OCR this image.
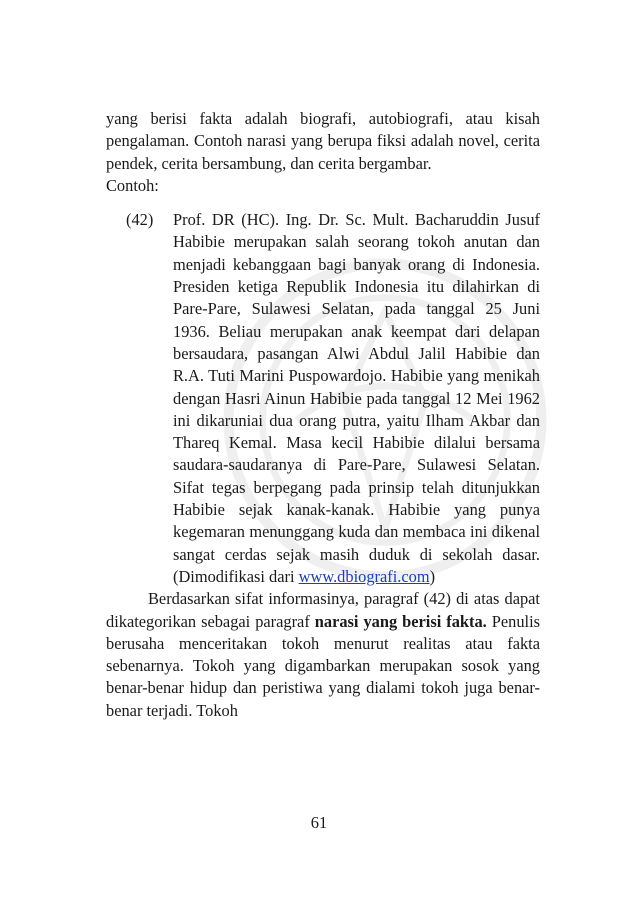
yang berisi fakta adalah biografi, autobiografi, atau kisah pengalaman. Contoh narasi yang berupa fiksi adalah novel, cerita pendek, cerita bersambung, dan cerita bergambar.

Contoh:

(42) Prof. DR (HC). Ing. Dr. Sc. Mult. Bacharuddin Jusuf Habibie merupakan salah seorang tokoh anutan dan menjadi kebanggaan bagi banyak orang di Indonesia. Presiden ketiga Republik Indonesia itu dilahirkan di Pare-Pare, Sulawesi Selatan, pada tanggal 25 Juni 1936. Beliau merupakan anak keempat dari delapan bersaudara, pasangan Alwi Abdul Jalil Habibie dan R.A. Tuti Marini Puspowardojo. Habibie yang menikah dengan Hasri Ainun Habibie pada tanggal 12 Mei 1962 ini dikaruniai dua orang putra, yaitu Ilham Akbar dan Thareq Kemal. Masa kecil Habibie dilalui bersama saudara-saudaranya di Pare-Pare, Sulawesi Selatan. Sifat tegas berpegang pada prinsip telah ditunjukkan Habibie sejak kanak-kanak. Habibie yang punya kegemaran menunggang kuda dan membaca ini dikenal sangat cerdas sejak masih duduk di sekolah dasar. (Dimodifikasi dari www.dbiografi.com)

Berdasarkan sifat informasinya, paragraf (42) di atas dapat dikategorikan sebagai paragraf narasi yang berisi fakta. Penulis berusaha menceritakan tokoh menurut realitas atau fakta sebenarnya. Tokoh yang digambarkan merupakan sosok yang benar-benar hidup dan peristiwa yang dialami tokoh juga benar-benar terjadi. Tokoh

61
